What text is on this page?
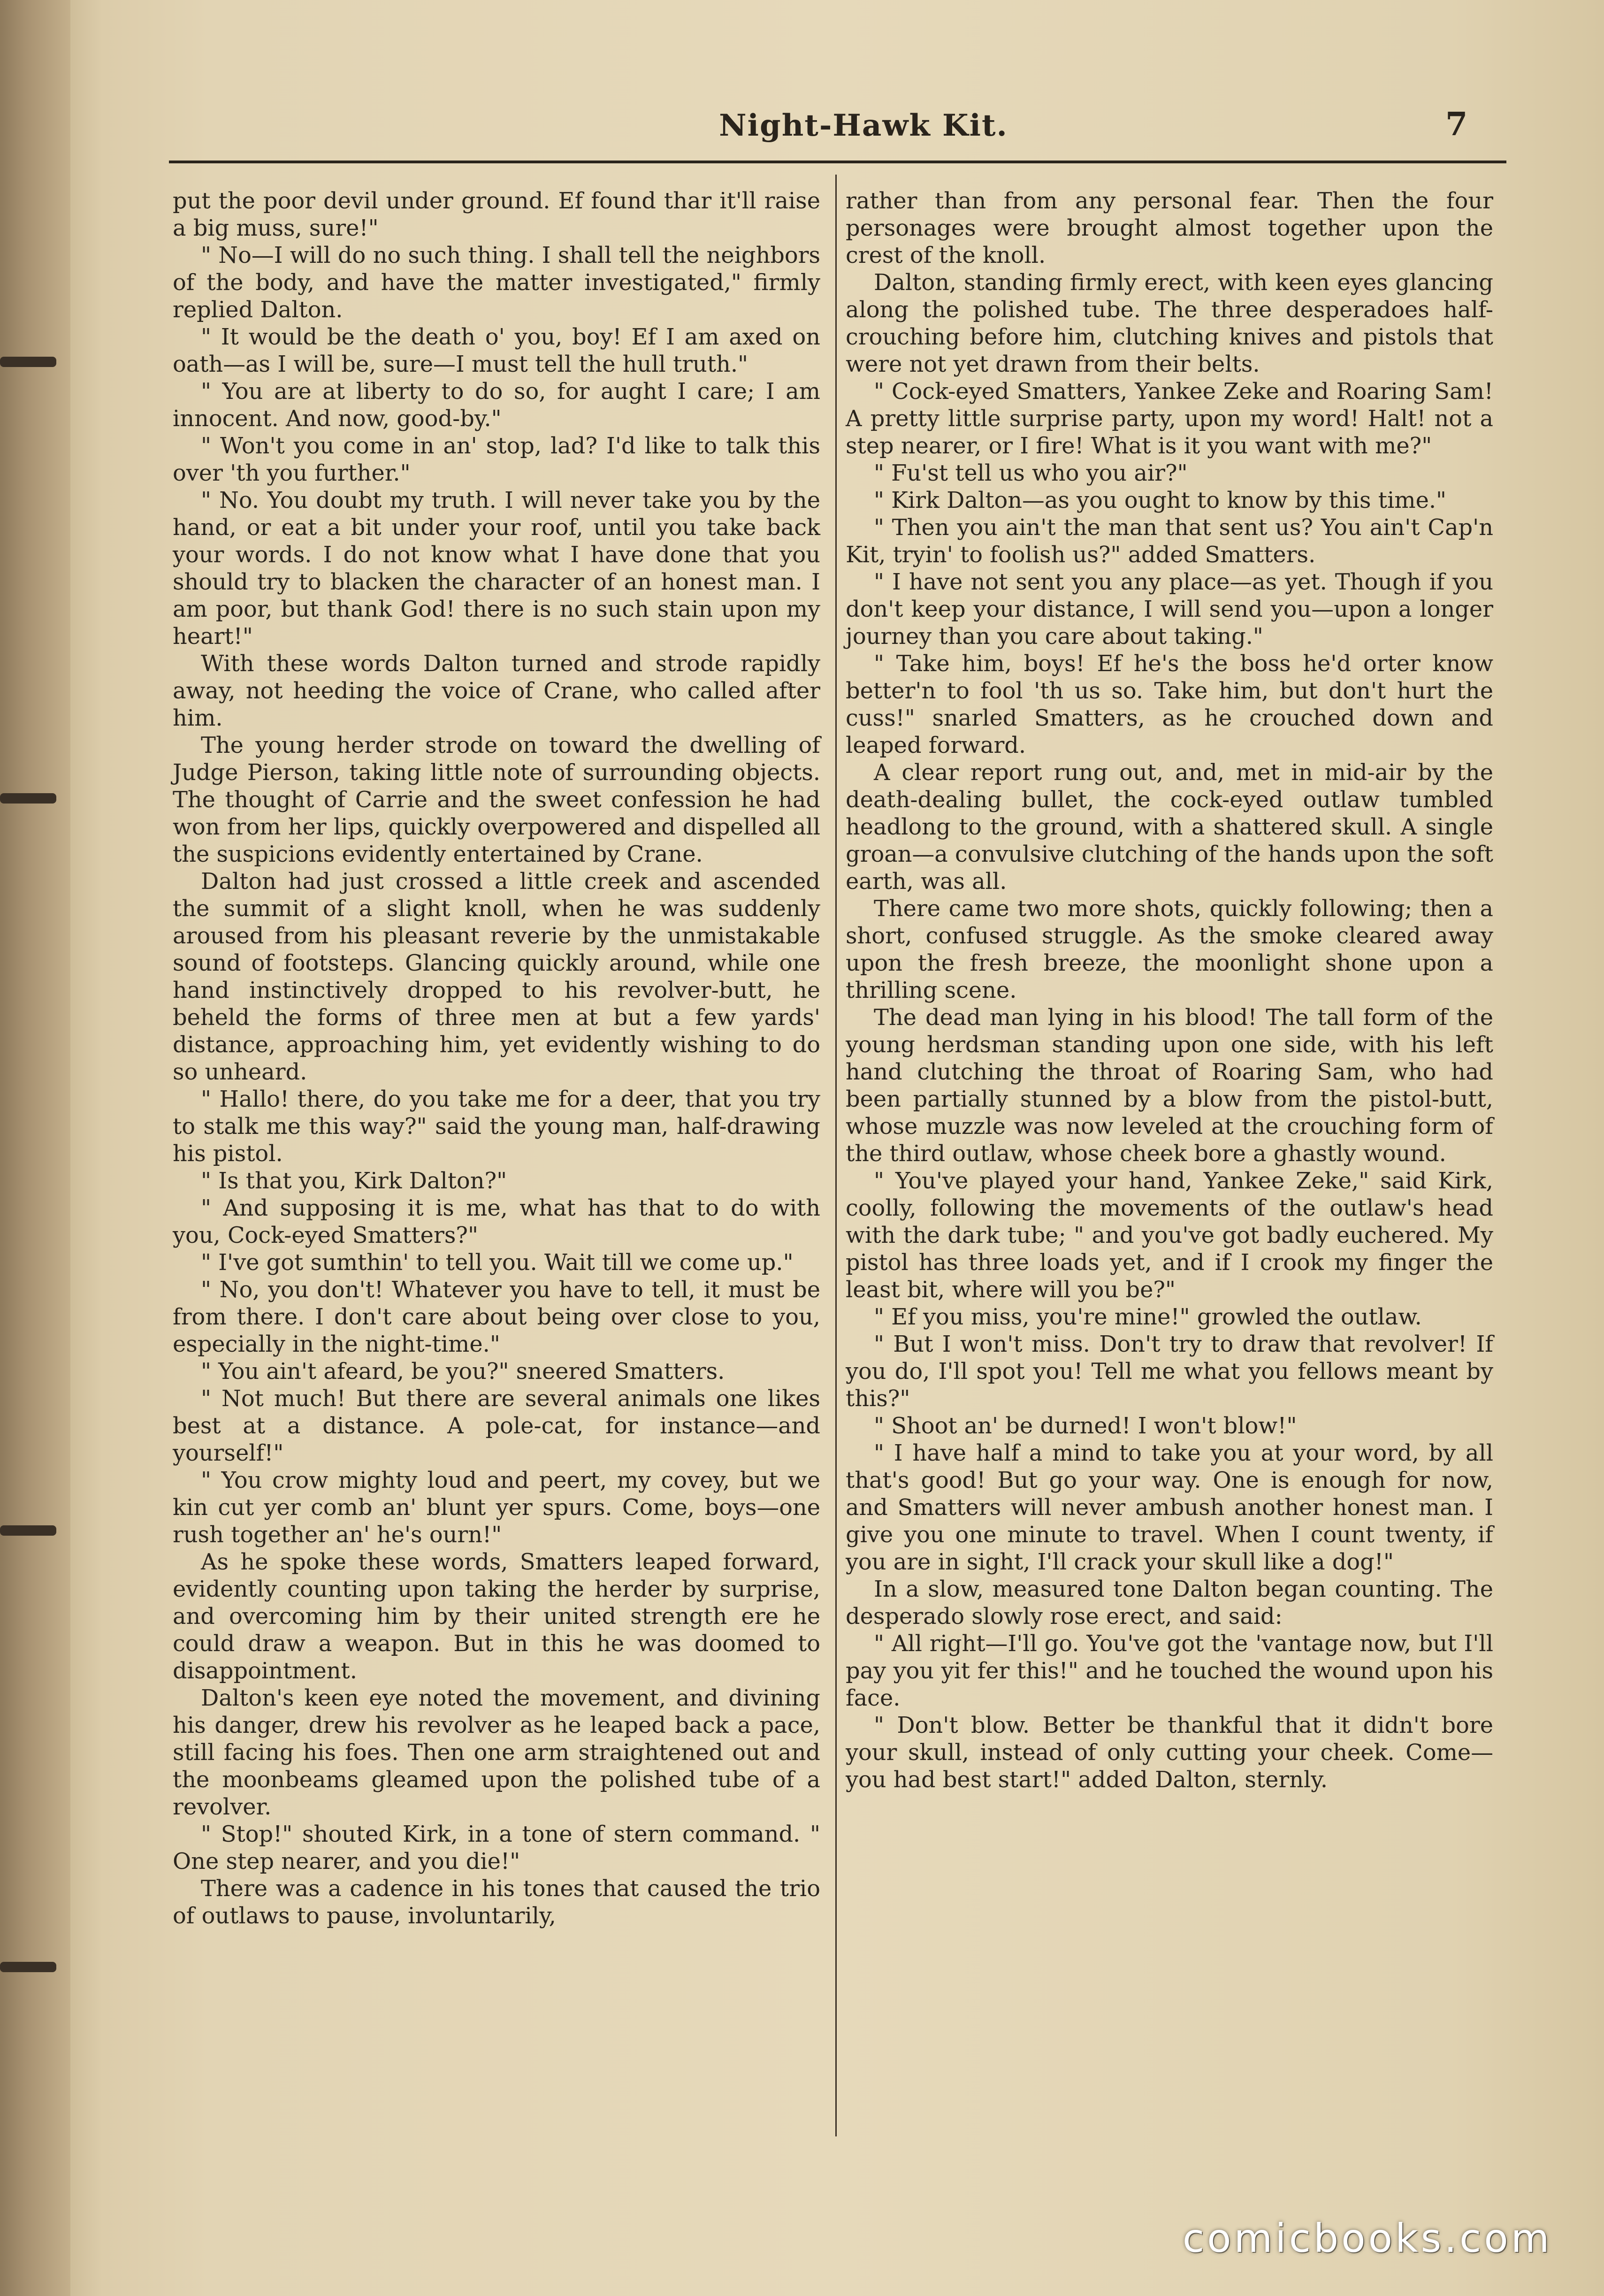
Night-Hawk Kit.	7

put the poor devil under ground. Ef found thar it'll raise a big muss, sure!"

" No—I will do no such thing. I shall tell the neighbors of the body, and have the matter investigated," firmly replied Dalton.

" It would be the death o' you, boy! Ef I am axed on oath—as I will be, sure—I must tell the hull truth."

" You are at liberty to do so, for aught I care; I am innocent. And now, good-by."

" Won't you come in an' stop, lad? I'd like to talk this over 'th you further."

" No. You doubt my truth. I will never take you by the hand, or eat a bit under your roof, until you take back your words. I do not know what I have done that you should try to blacken the character of an honest man. I am poor, but thank God! there is no such stain upon my heart!"

With these words Dalton turned and strode rapidly away, not heeding the voice of Crane, who called after him.

The young herder strode on toward the dwelling of Judge Pierson, taking little note of surrounding objects. The thought of Carrie and the sweet confession he had won from her lips, quickly overpowered and dispelled all the suspicions evidently entertained by Crane.

Dalton had just crossed a little creek and ascended the summit of a slight knoll, when he was suddenly aroused from his pleasant reverie by the unmistakable sound of footsteps. Glancing quickly around, while one hand instinctively dropped to his revolver-butt, he beheld the forms of three men at but a few yards' distance, approaching him, yet evidently wishing to do so unheard.

" Hallo! there, do you take me for a deer, that you try to stalk me this way?" said the young man, half-drawing his pistol.

" Is that you, Kirk Dalton?"

" And supposing it is me, what has that to do with you, Cock-eyed Smatters?"

" I've got sumthin' to tell you. Wait till we come up."

" No, you don't! Whatever you have to tell, it must be from there. I don't care about being over close to you, especially in the night-time."

" You ain't afeard, be you?" sneered Smatters.

" Not much! But there are several animals one likes best at a distance. A pole-cat, for instance—and yourself!"

" You crow mighty loud and peert, my covey, but we kin cut yer comb an' blunt yer spurs. Come, boys—one rush together an' he's ourn!"

As he spoke these words, Smatters leaped forward, evidently counting upon taking the herder by surprise, and overcoming him by their united strength ere he could draw a weapon. But in this he was doomed to disappointment.

Dalton's keen eye noted the movement, and divining his danger, drew his revolver as he leaped back a pace, still facing his foes. Then one arm straightened out and the moonbeams gleamed upon the polished tube of a revolver.

" Stop!" shouted Kirk, in a tone of stern command. " One step nearer, and you die!"

There was a cadence in his tones that caused the trio of outlaws to pause, involuntarily,

rather than from any personal fear. Then the four personages were brought almost together upon the crest of the knoll.

Dalton, standing firmly erect, with keen eyes glancing along the polished tube. The three desperadoes half-crouching before him, clutching knives and pistols that were not yet drawn from their belts.

" Cock-eyed Smatters, Yankee Zeke and Roaring Sam! A pretty little surprise party, upon my word! Halt! not a step nearer, or I fire! What is it you want with me?"

" Fu'st tell us who you air?"

" Kirk Dalton—as you ought to know by this time."

" Then you ain't the man that sent us? You ain't Cap'n Kit, tryin' to foolish us?" added Smatters.

" I have not sent you any place—as yet. Though if you don't keep your distance, I will send you—upon a longer journey than you care about taking."

" Take him, boys! Ef he's the boss he'd orter know better'n to fool 'th us so. Take him, but don't hurt the cuss!" snarled Smatters, as he crouched down and leaped forward.

A clear report rung out, and, met in mid-air by the death-dealing bullet, the cock-eyed outlaw tumbled headlong to the ground, with a shattered skull. A single groan—a convulsive clutching of the hands upon the soft earth, was all.

There came two more shots, quickly following; then a short, confused struggle. As the smoke cleared away upon the fresh breeze, the moonlight shone upon a thrilling scene.

The dead man lying in his blood! The tall form of the young herdsman standing upon one side, with his left hand clutching the throat of Roaring Sam, who had been partially stunned by a blow from the pistol-butt, whose muzzle was now leveled at the crouching form of the third outlaw, whose cheek bore a ghastly wound.

" You've played your hand, Yankee Zeke," said Kirk, coolly, following the movements of the outlaw's head with the dark tube; " and you've got badly euchered. My pistol has three loads yet, and if I crook my finger the least bit, where will you be?"

" Ef you miss, you're mine!" growled the outlaw.

" But I won't miss. Don't try to draw that revolver! If you do, I'll spot you! Tell me what you fellows meant by this?"

" Shoot an' be durned! I won't blow!"

" I have half a mind to take you at your word, by all that's good! But go your way. One is enough for now, and Smatters will never ambush another honest man. I give you one minute to travel. When I count twenty, if you are in sight, I'll crack your skull like a dog!"

In a slow, measured tone Dalton began counting. The desperado slowly rose erect, and said:

" All right—I'll go. You've got the 'vantage now, but I'll pay you yit fer this!" and he touched the wound upon his face.

" Don't blow. Better be thankful that it didn't bore your skull, instead of only cutting your cheek. Come—you had best start!" added Dalton, sternly.

comicbooks.com
